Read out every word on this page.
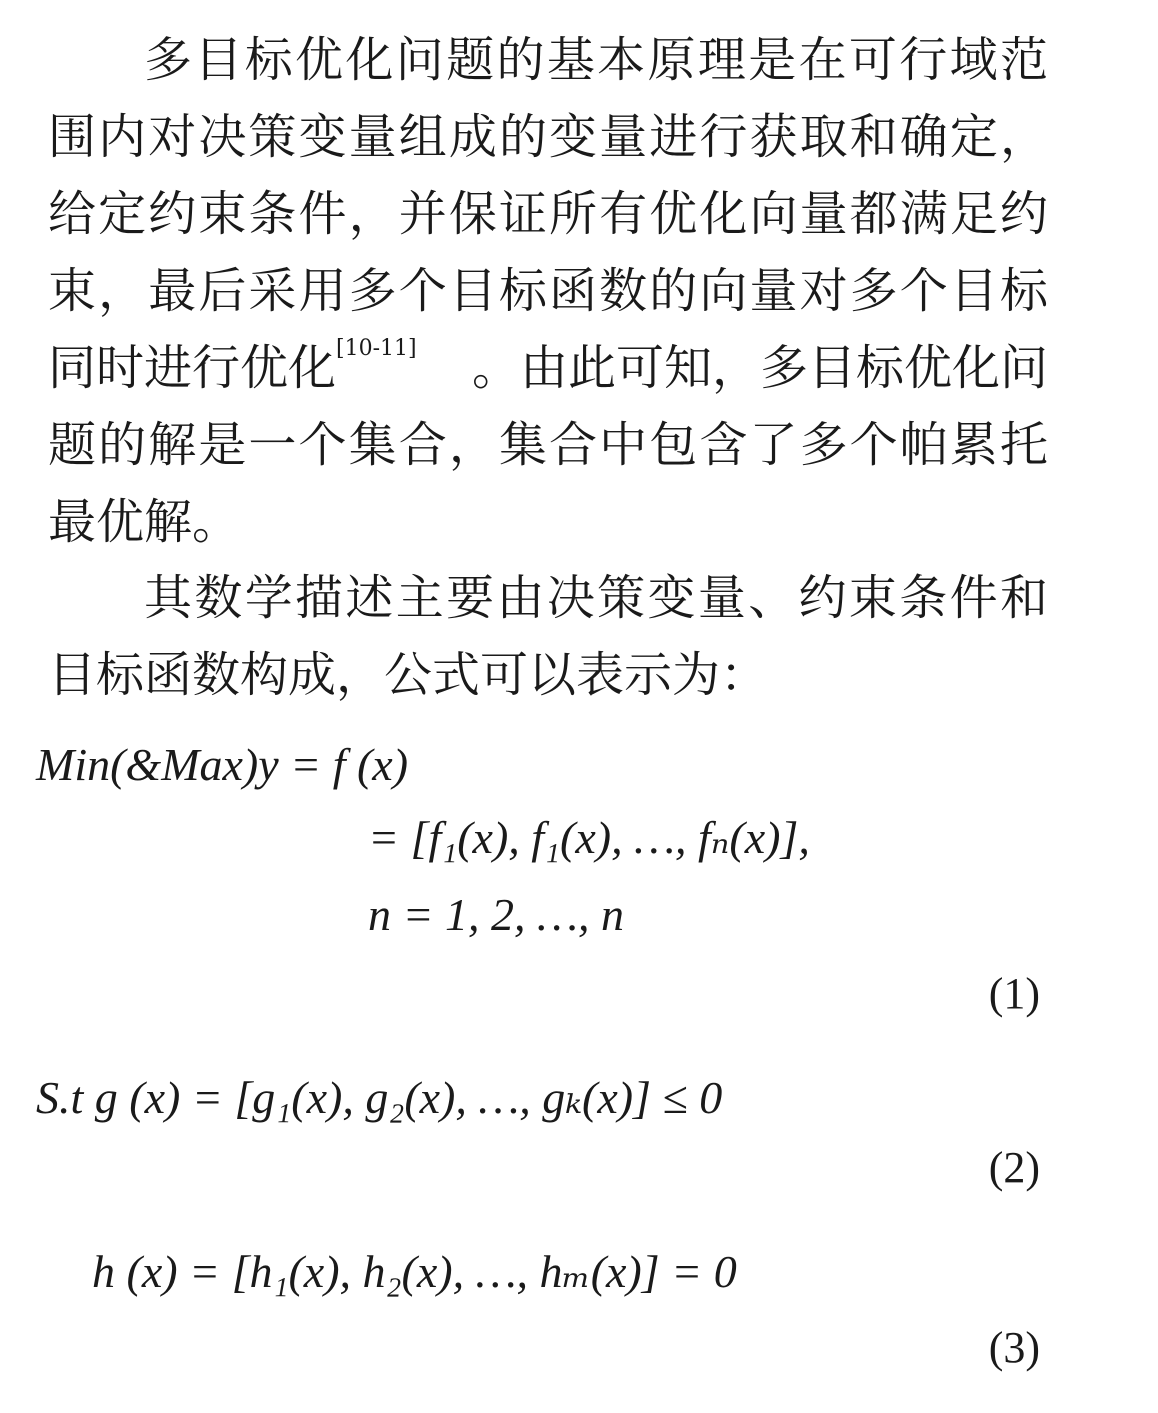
多目标优化问题的基本原理是在可行域范
围内对决策变量组成的变量进行获取和确定，
给定约束条件，并保证所有优化向量都满足约
束，最后采用多个目标函数的向量对多个目标
同时进行优化 [10-11]	。由此可知，多目标优化问
题的解是一个集合，集合中包含了多个帕累托
最优解。
其数学描述主要由决策变量、约束条件和
目标函数构成，公式可以表示为：
Min(&Max)y = f (x)
= [f₁(x), f₁(x), …, fₙ(x)],
n = 1, 2, …, n
(1)
S.t g (x) = [g₁(x), g₂(x), …, gₖ(x)] ≤ 0
(2)
h (x) = [h₁(x), h₂(x), …, hₘ(x)] = 0
(3)
